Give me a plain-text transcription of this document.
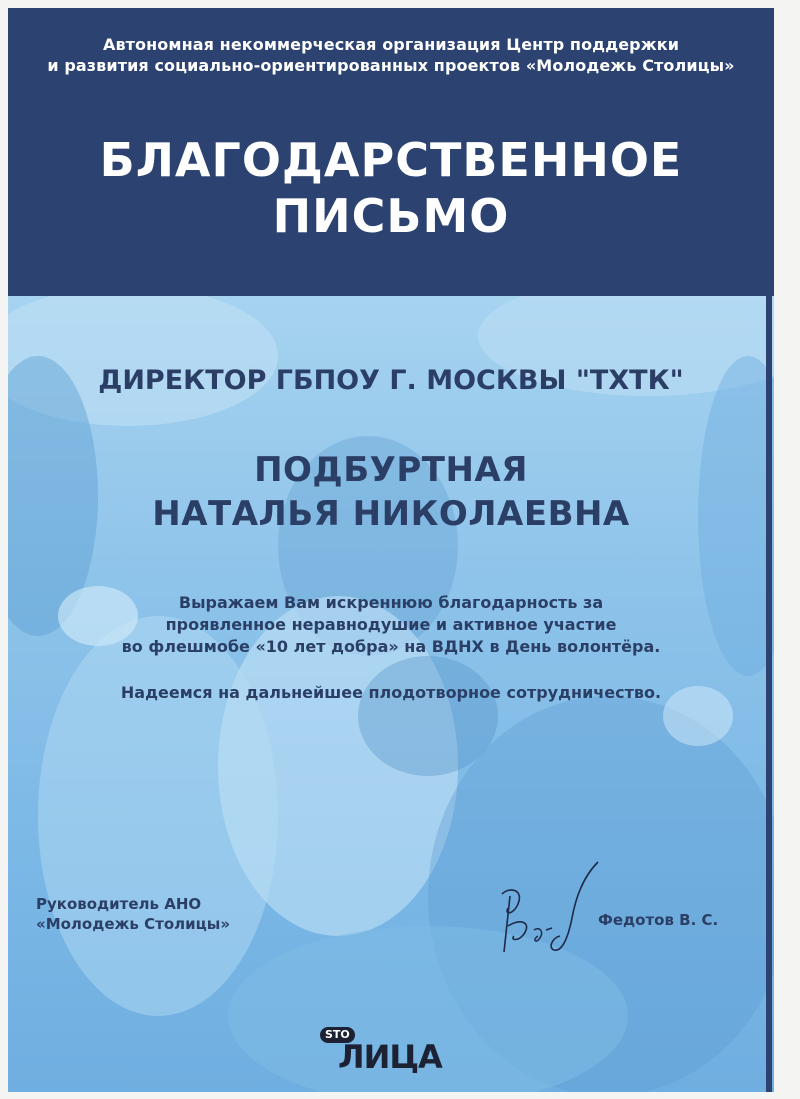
Автономная некоммерческая организация Центр поддержки
и развития социально-ориентированных проектов «Молодежь Столицы»
БЛАГОДАРСТВЕННОЕ
ПИСЬМО
ДИРЕКТОР ГБПОУ Г. МОСКВЫ "ТХТК"
ПОДБУРТНАЯ
НАТАЛЬЯ НИКОЛАЕВНА
Выражаем Вам искреннюю благодарность за
проявленное неравнодушие и активное участие
во флешмобе «10 лет добра» на ВДНХ в День волонтёра.
Надеемся на дальнейшее плодотворное сотрудничество.
Руководитель АНО
«Молодежь Столицы»	Федотов В. С.
STO
ЛИЦА
